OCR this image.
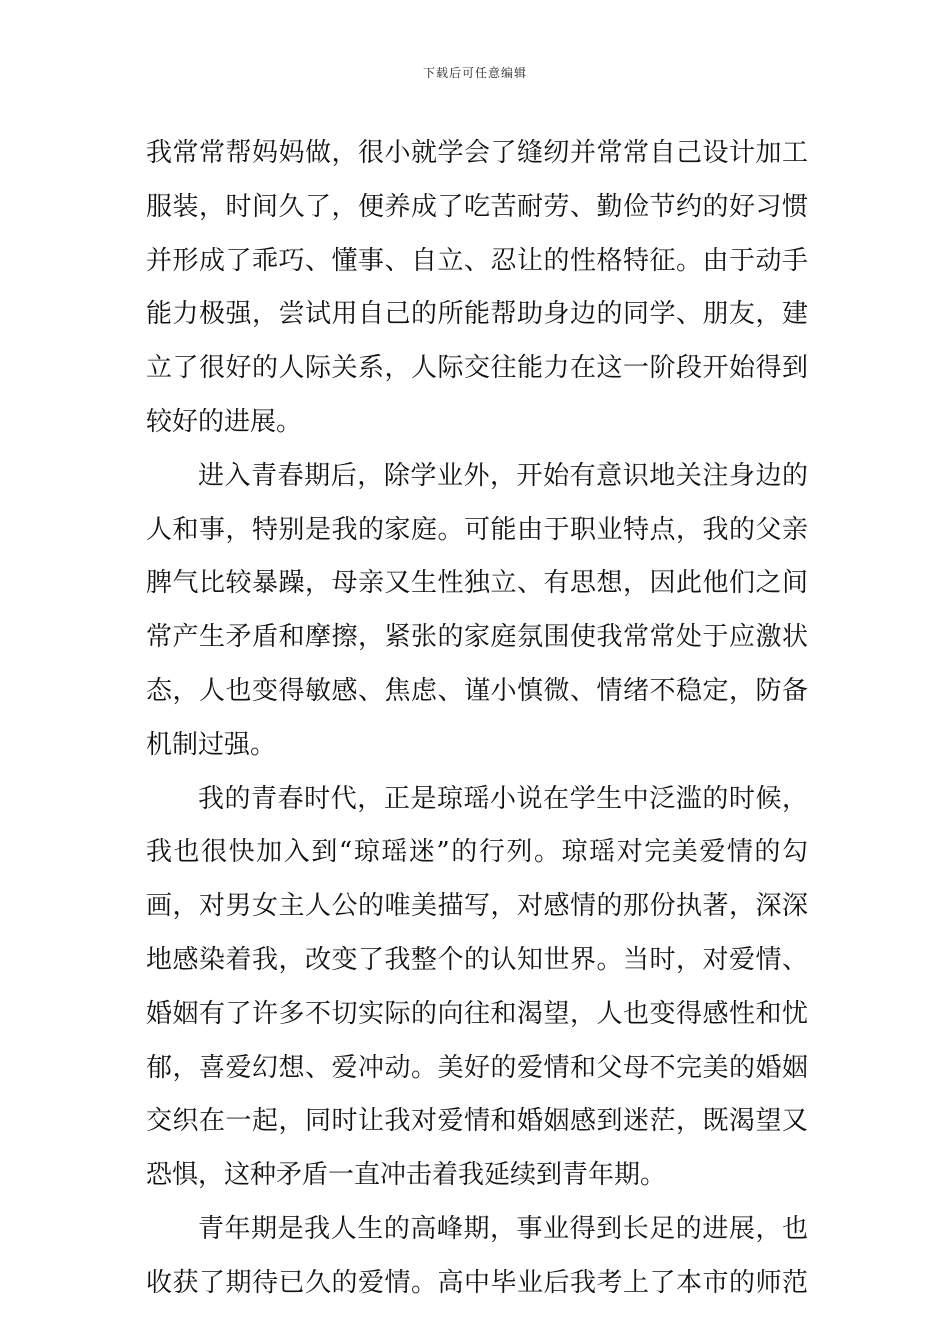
下载后可任意编辑
我常常帮妈妈做，很小就学会了缝纫并常常自己设计加工
服装，时间久了，便养成了吃苦耐劳、勤俭节约的好习惯
并形成了乖巧、懂事、自立、忍让的性格特征。由于动手
能力极强，尝试用自己的所能帮助身边的同学、朋友，建
立了很好的人际关系，人际交往能力在这一阶段开始得到
较好的进展。
进入青春期后，除学业外，开始有意识地关注身边的
人和事，特别是我的家庭。可能由于职业特点，我的父亲
脾气比较暴躁，母亲又生性独立、有思想，因此他们之间
常产生矛盾和摩擦，紧张的家庭氛围使我常常处于应激状
态，人也变得敏感、焦虑、谨小慎微、情绪不稳定，防备
机制过强。
我的青春时代，正是琼瑶小说在学生中泛滥的时候，
我也很快加入到“琼瑶迷”的行列。琼瑶对完美爱情的勾
画，对男女主人公的唯美描写，对感情的那份执著，深深
地感染着我，改变了我整个的认知世界。当时，对爱情、
婚姻有了许多不切实际的向往和渴望，人也变得感性和忧
郁，喜爱幻想、爱冲动。美好的爱情和父母不完美的婚姻
交织在一起，同时让我对爱情和婚姻感到迷茫，既渴望又
恐惧，这种矛盾一直冲击着我延续到青年期。
青年期是我人生的高峰期，事业得到长足的进展，也
收获了期待已久的爱情。高中毕业后我考上了本市的师范
